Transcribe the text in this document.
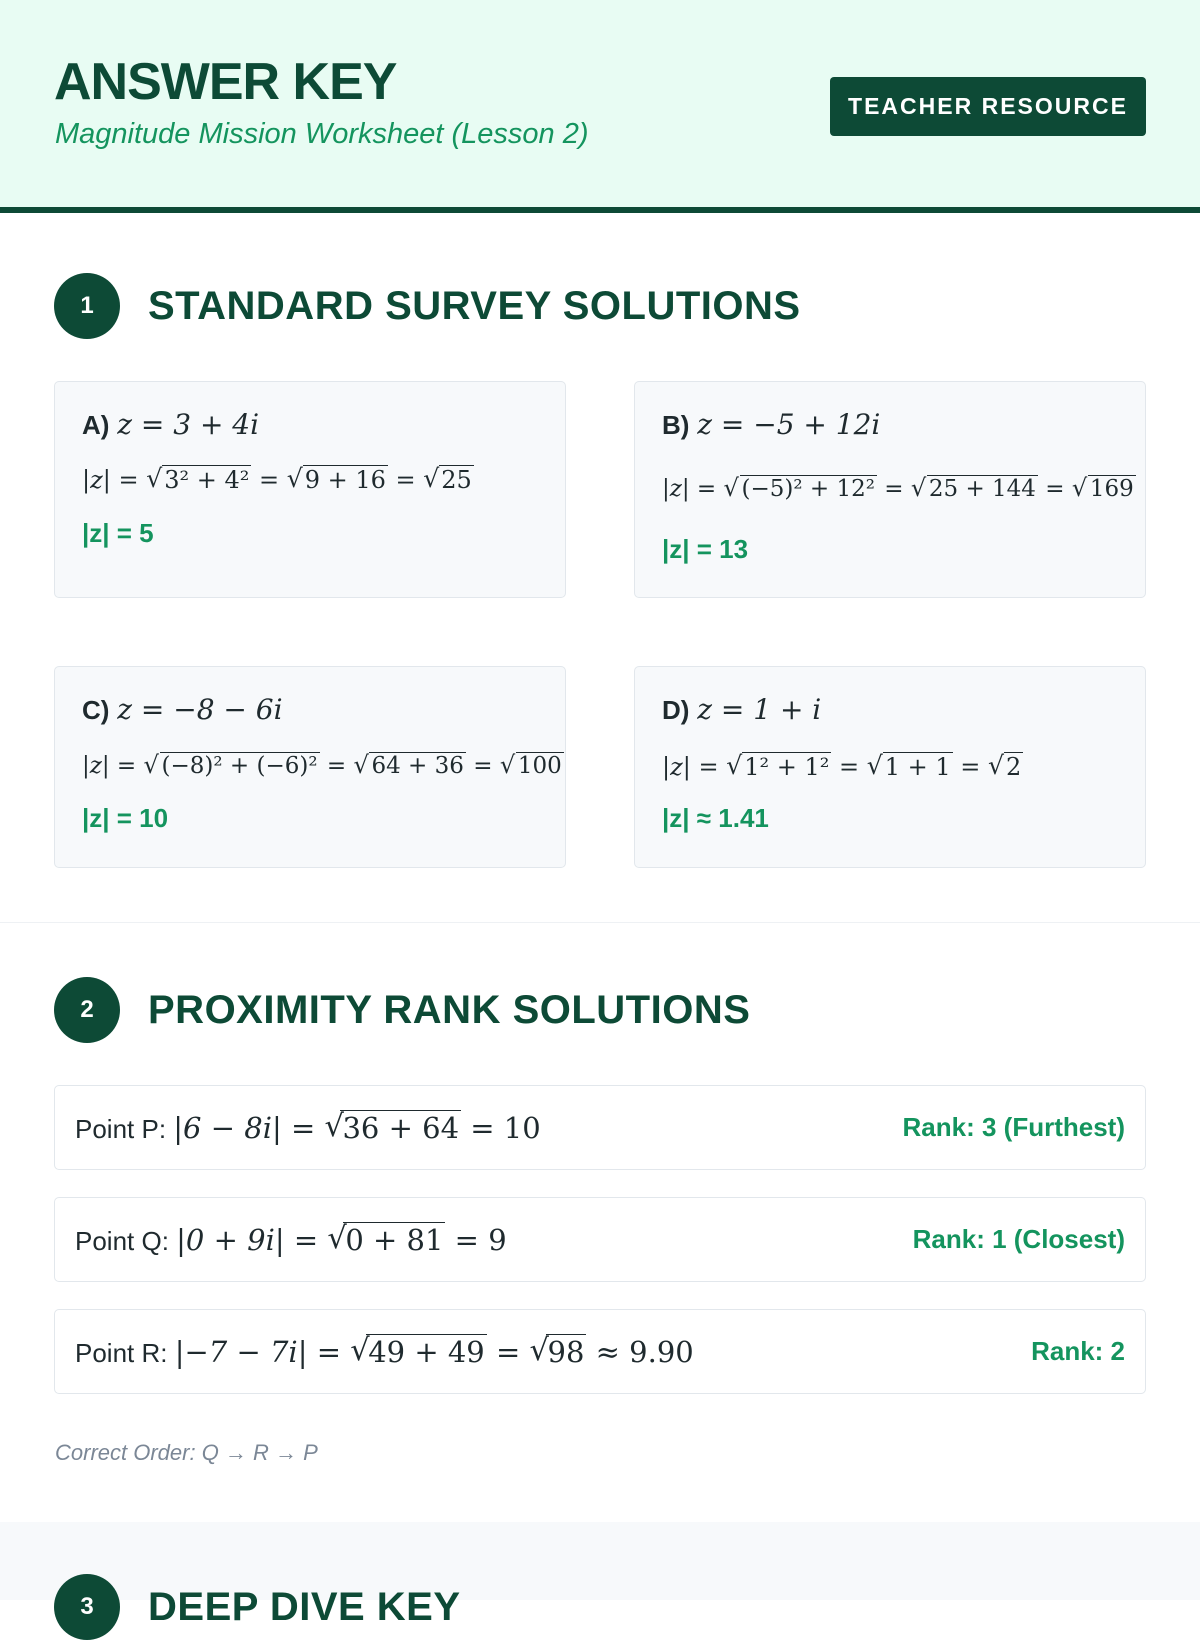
ANSWER KEY
Magnitude Mission Worksheet (Lesson 2)
TEACHER RESOURCE
1	STANDARD SURVEY SOLUTIONS
A) z = 3 + 4i
|z| = √ 3² + 4² = √ 9 + 16 = √ 25
|z| = 5
B) z = −5 + 12i
|z| = √ (−5)² + 12² = √ 25 + 144 = √ 169
|z| = 13
C) z = −8 − 6i
|z| = √ (−8)² + (−6)² = √ 64 + 36 = √ 100
|z| = 10
D) z = 1 + i
|z| = √ 1² + 1² = √ 1 + 1 = √ 2
|z| ≈ 1.41
2	PROXIMITY RANK SOLUTIONS
Point P: |6 − 8i| = √ 36 + 64 = 10	Rank: 3 (Furthest)
Point Q: |0 + 9i| = √ 0 + 81 = 9	Rank: 1 (Closest)
Point R: |−7 − 7i| = √ 49 + 49 = √ 98 ≈ 9.90	Rank: 2
Correct Order: Q → R → P
3	DEEP DIVE KEY
